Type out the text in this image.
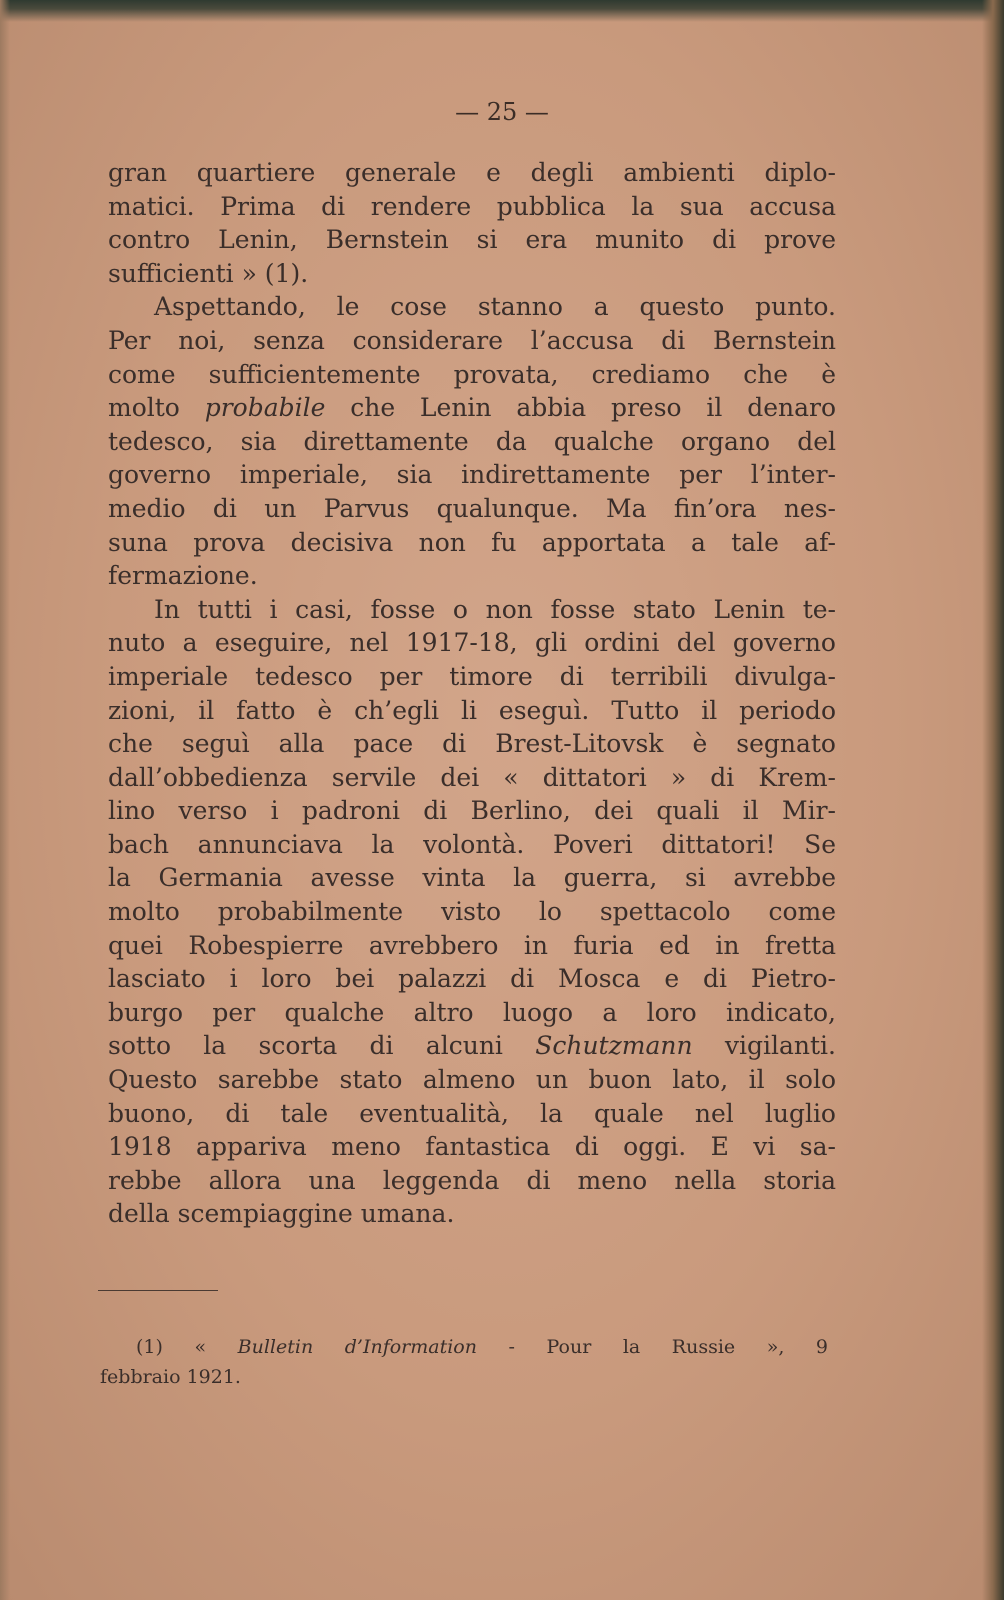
— 25 —
gran quartiere generale e degli ambienti diplo-
matici. Prima di rendere pubblica la sua accusa
contro Lenin, Bernstein si era munito di prove
sufficienti » (1).
Aspettando, le cose stanno a questo punto.
Per noi, senza considerare l’accusa di Bernstein
come sufficientemente provata, crediamo che è
molto probabile che Lenin abbia preso il denaro
tedesco, sia direttamente da qualche organo del
governo imperiale, sia indirettamente per l’inter-
medio di un Parvus qualunque. Ma fin’ora nes-
suna prova decisiva non fu apportata a tale af-
fermazione.
In tutti i casi, fosse o non fosse stato Lenin te-
nuto a eseguire, nel 1917-18, gli ordini del governo
imperiale tedesco per timore di terribili divulga-
zioni, il fatto è ch’egli li eseguì. Tutto il periodo
che seguì alla pace di Brest-Litovsk è segnato
dall’obbedienza servile dei « dittatori » di Krem-
lino verso i padroni di Berlino, dei quali il Mir-
bach annunciava la volontà. Poveri dittatori! Se
la Germania avesse vinta la guerra, si avrebbe
molto probabilmente visto lo spettacolo come
quei Robespierre avrebbero in furia ed in fretta
lasciato i loro bei palazzi di Mosca e di Pietro-
burgo per qualche altro luogo a loro indicato,
sotto la scorta di alcuni Schutzmann vigilanti.
Questo sarebbe stato almeno un buon lato, il solo
buono, di tale eventualità, la quale nel luglio
1918 appariva meno fantastica di oggi. E vi sa-
rebbe allora una leggenda di meno nella storia
della scempiaggine umana.
(1) « Bulletin d’Information - Pour la Russie », 9
febbraio 1921.
